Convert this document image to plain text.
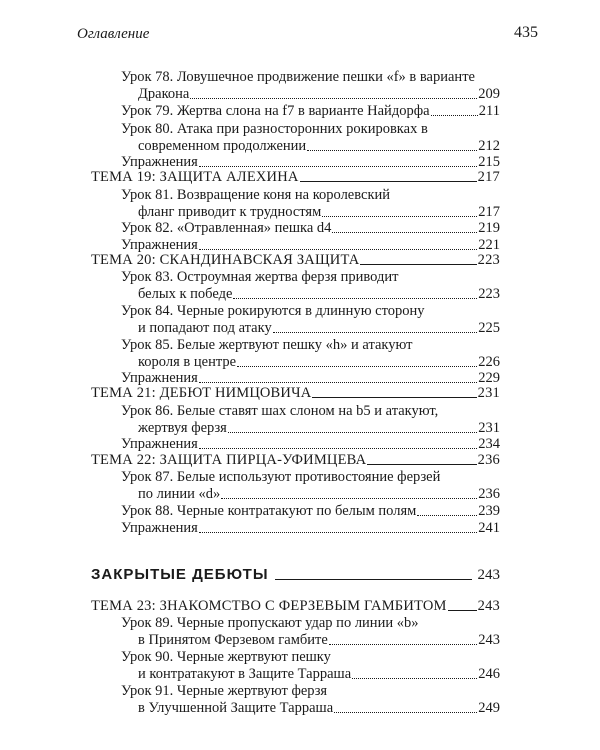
Оглавление	435
Урок 78. Ловушечное продвижение пешки «f» в варианте
Дракона	209
Урок 79. Жертва слона на f7 в варианте Найдорфа	211
Урок 80. Атака при разносторонних рокировках в
современном продолжении	212
Упражнения	215
ТЕМА 19: ЗАЩИТА АЛЕХИНА	217
Урок 81. Возвращение коня на королевский
фланг приводит к трудностям	217
Урок 82. «Отравленная» пешка d4	219
Упражнения	221
ТЕМА 20: СКАНДИНАВСКАЯ ЗАЩИТА	223
Урок 83. Остроумная жертва ферзя приводит
белых к победе	223
Урок 84. Черные рокируются в длинную сторону
и попадают под атаку	225
Урок 85. Белые жертвуют пешку «h» и атакуют
короля в центре	226
Упражнения	229
ТЕМА 21: ДЕБЮТ НИМЦОВИЧА	231
Урок 86. Белые ставят шах слоном на b5 и атакуют,
жертвуя ферзя	231
Упражнения	234
ТЕМА 22: ЗАЩИТА ПИРЦА-УФИМЦЕВА	236
Урок 87. Белые используют противостояние ферзей
по линии «d»	236
Урок 88. Черные контратакуют по белым полям	239
Упражнения	241
ЗАКРЫТЫЕ ДЕБЮТЫ	243
ТЕМА 23: ЗНАКОМСТВО С ФЕРЗЕВЫМ ГАМБИТОМ 243
Урок 89. Черные пропускают удар по линии «b»
в Принятом Ферзевом гамбите	243
Урок 90. Черные жертвуют пешку
и контратакуют в Защите Тарраша	246
Урок 91. Черные жертвуют ферзя
в Улучшенной Защите Тарраша	249
